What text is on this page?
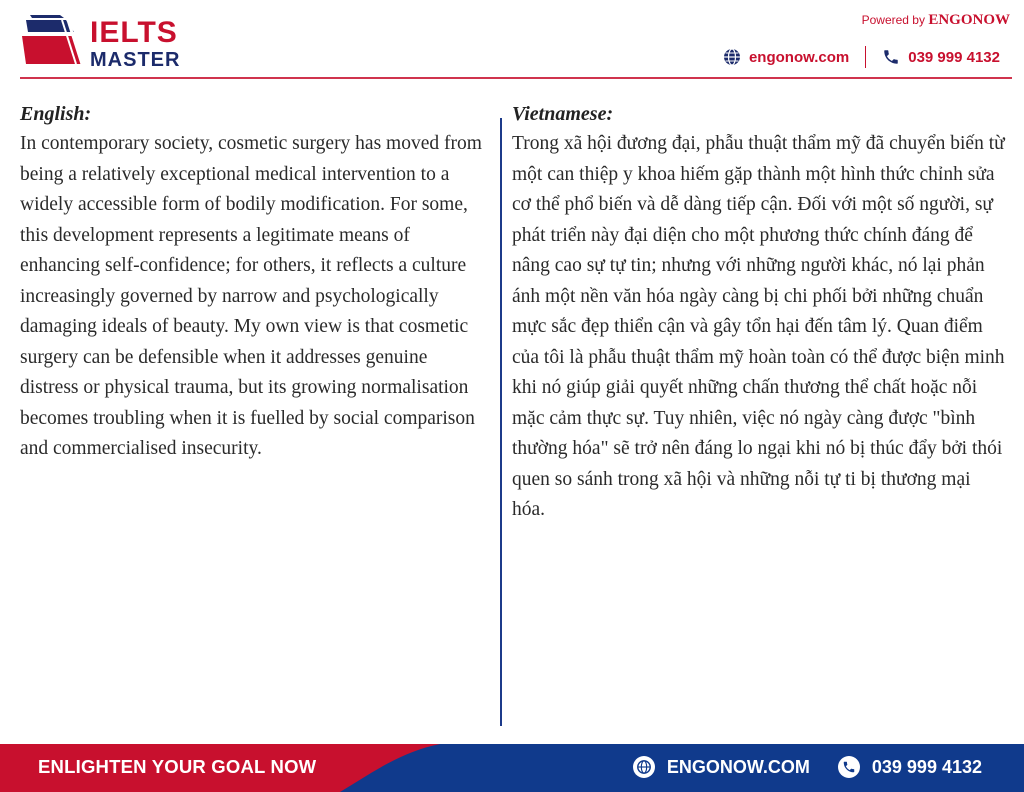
IELTS
MASTER
Powered by ENGONOW
engonow.com	039 999 4132
English:

In contemporary society, cosmetic surgery has moved from being a relatively exceptional medical intervention to a widely accessible form of bodily modification. For some, this development represents a legitimate means of enhancing self-confidence; for others, it reflects a culture increasingly governed by narrow and psychologically damaging ideals of beauty. My own view is that cosmetic surgery can be defensible when it addresses genuine distress or physical trauma, but its growing normalisation becomes troubling when it is fuelled by social comparison and commercialised insecurity.

Vietnamese:

Trong xã hội đương đại, phẫu thuật thẩm mỹ đã chuyển biến từ một can thiệp y khoa hiếm gặp thành một hình thức chỉnh sửa cơ thể phổ biến và dễ dàng tiếp cận. Đối với một số người, sự phát triển này đại diện cho một phương thức chính đáng để nâng cao sự tự tin; nhưng với những người khác, nó lại phản ánh một nền văn hóa ngày càng bị chi phối bởi những chuẩn mực sắc đẹp thiển cận và gây tổn hại đến tâm lý. Quan điểm của tôi là phẫu thuật thẩm mỹ hoàn toàn có thể được biện minh khi nó giúp giải quyết những chấn thương thể chất hoặc nỗi mặc cảm thực sự. Tuy nhiên, việc nó ngày càng được "bình thường hóa" sẽ trở nên đáng lo ngại khi nó bị thúc đẩy bởi thói quen so sánh trong xã hội và những nỗi tự ti bị thương mại hóa.

ENLIGHTEN YOUR GOAL NOW	ENGONOW.COM	039 999 4132
